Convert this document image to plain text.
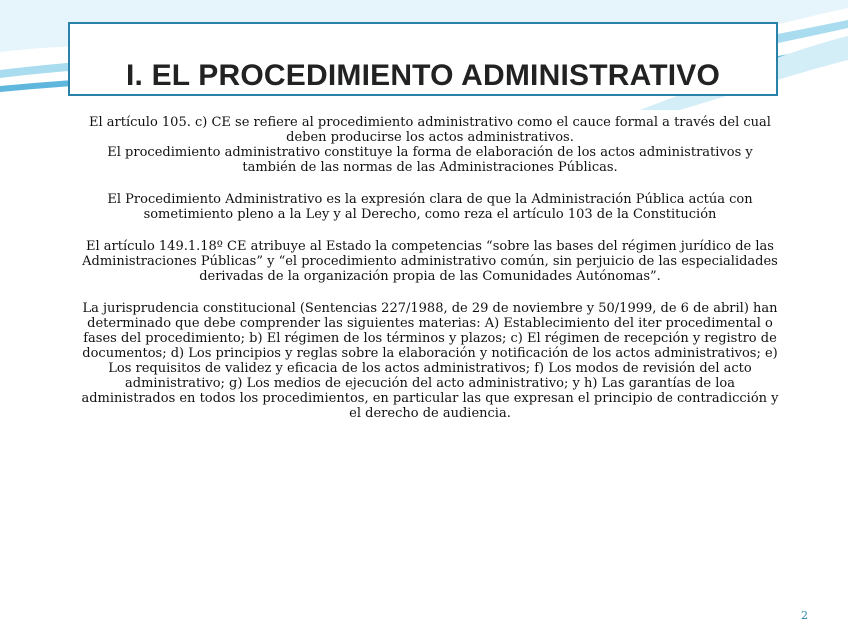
I. EL PROCEDIMIENTO ADMINISTRATIVO

El artículo 105. c) CE se refiere al procedimiento administrativo como el cauce formal a través del cual deben producirse los actos administrativos.

El procedimiento administrativo constituye la forma de elaboración de los actos administrativos y también de las normas de las Administraciones Públicas.

El Procedimiento Administrativo es la expresión clara de que la Administración Pública actúa con sometimiento pleno a la Ley y al Derecho, como reza el artículo 103 de la Constitución

El artículo 149.1.18º CE atribuye al Estado la competencias “sobre las bases del régimen jurídico de las Administraciones Públicas” y “el procedimiento administrativo común, sin perjuicio de las especialidades derivadas de la organización propia de las Comunidades Autónomas”.

La jurisprudencia constitucional (Sentencias 227/1988, de 29 de noviembre y 50/1999, de 6 de abril) han determinado que debe comprender las siguientes materias: A) Establecimiento del iter procedimental o fases del procedimiento; b) El régimen de los términos y plazos; c) El régimen de recepción y registro de documentos; d) Los principios y reglas sobre la elaboración y notificación de los actos administrativos; e) Los requisitos de validez y eficacia de los actos administrativos; f) Los modos de revisión del acto administrativo; g) Los medios de ejecución del acto administrativo; y h) Las garantías de loa administrados en todos los procedimientos, en particular las que expresan el principio de contradicción y el derecho de audiencia.

2
